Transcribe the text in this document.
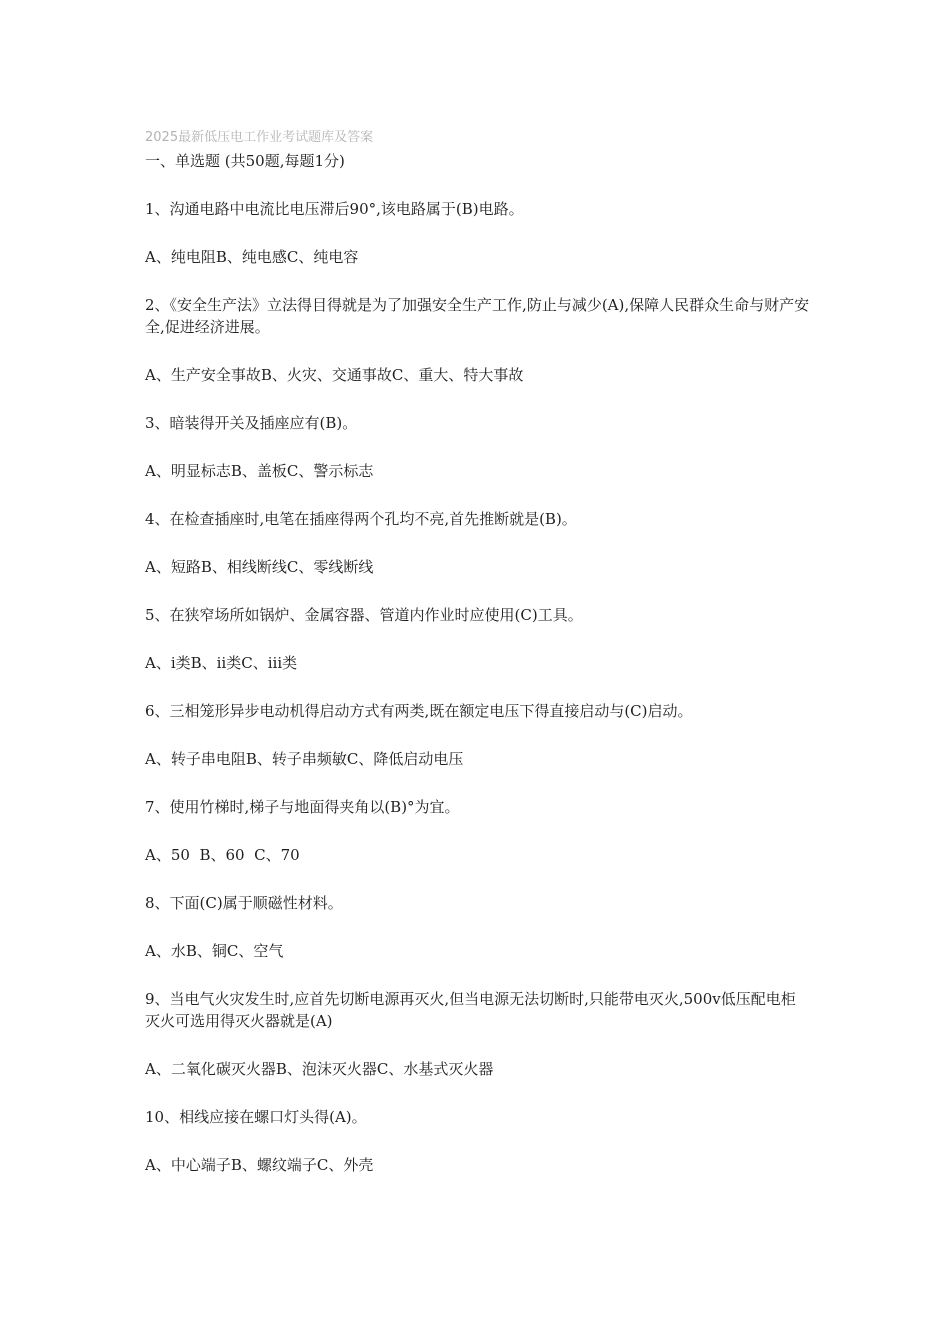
2025最新低压电工作业考试题库及答案

一、单选题 (共50题,每题1分)

1、沟通电路中电流比电压滞后90°,该电路属于(B)电路。

A、纯电阻B、纯电感C、纯电容

2、《安全生产法》立法得目得就是为了加强安全生产工作,防止与减少(A),保障人民群众生命与财产安全,促进经济进展。

A、生产安全事故B、火灾、交通事故C、重大、特大事故

3、暗装得开关及插座应有(B)。

A、明显标志B、盖板C、警示标志

4、在检查插座时,电笔在插座得两个孔均不亮,首先推断就是(B)。

A、短路B、相线断线C、零线断线

5、在狭窄场所如锅炉、金属容器、管道内作业时应使用(C)工具。

A、ⅰ类B、ⅱ类C、ⅲ类

6、三相笼形异步电动机得启动方式有两类,既在额定电压下得直接启动与(C)启动。

A、转子串电阻B、转子串频敏C、降低启动电压

7、使用竹梯时,梯子与地面得夹角以(B)°为宜。

A、50  B、60  C、70

8、下面(C)属于顺磁性材料。

A、水B、铜C、空气

9、当电气火灾发生时,应首先切断电源再灭火,但当电源无法切断时,只能带电灭火,500v低压配电柜灭火可选用得灭火器就是(A)

A、二氧化碳灭火器B、泡沫灭火器C、水基式灭火器

10、相线应接在螺口灯头得(A)。

A、中心端子B、螺纹端子C、外壳
